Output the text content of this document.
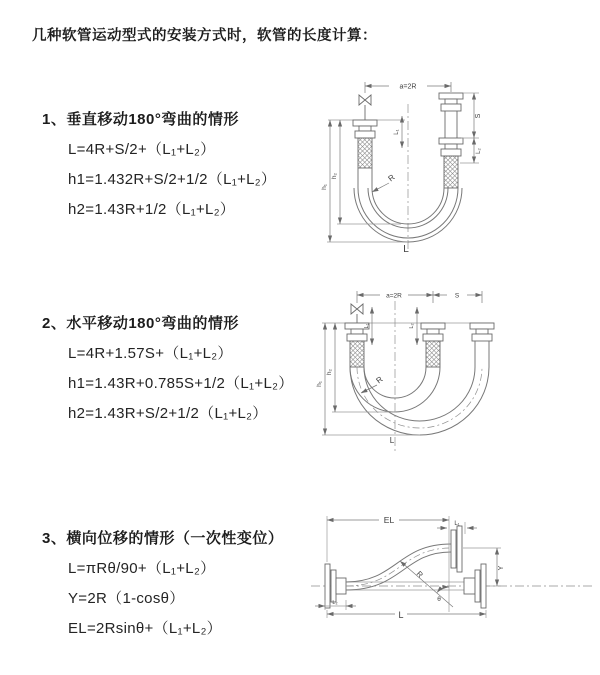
几种软管运动型式的安装方式时，软管的长度计算：
1、垂直移动180°弯曲的情形
L=4R+S/2+（L₁+L₂）
h1=1.432R+S/2+1/2（L₁+L₂）
h2=1.43R+1/2（L₁+L₂）
a=2R
h₁
h₂
L₁
S
L₂
R
L
2、水平移动180°弯曲的情形
L=4R+1.57S+（L₁+L₂）
h1=1.43R+0.785S+1/2（L₁+L₂）
h2=1.43R+S/2+1/2（L₁+L₂）
a=2R	S
h₁
h₂
L₁	L₂
R
L
3、横向位移的情形（一次性变位）
L=πRθ/90+（L₁+L₂）
Y=2R（1-cosθ）
EL=2Rsinθ+（L₁+L₂）
EL	L₁
Y
R
θ
L
L₂
